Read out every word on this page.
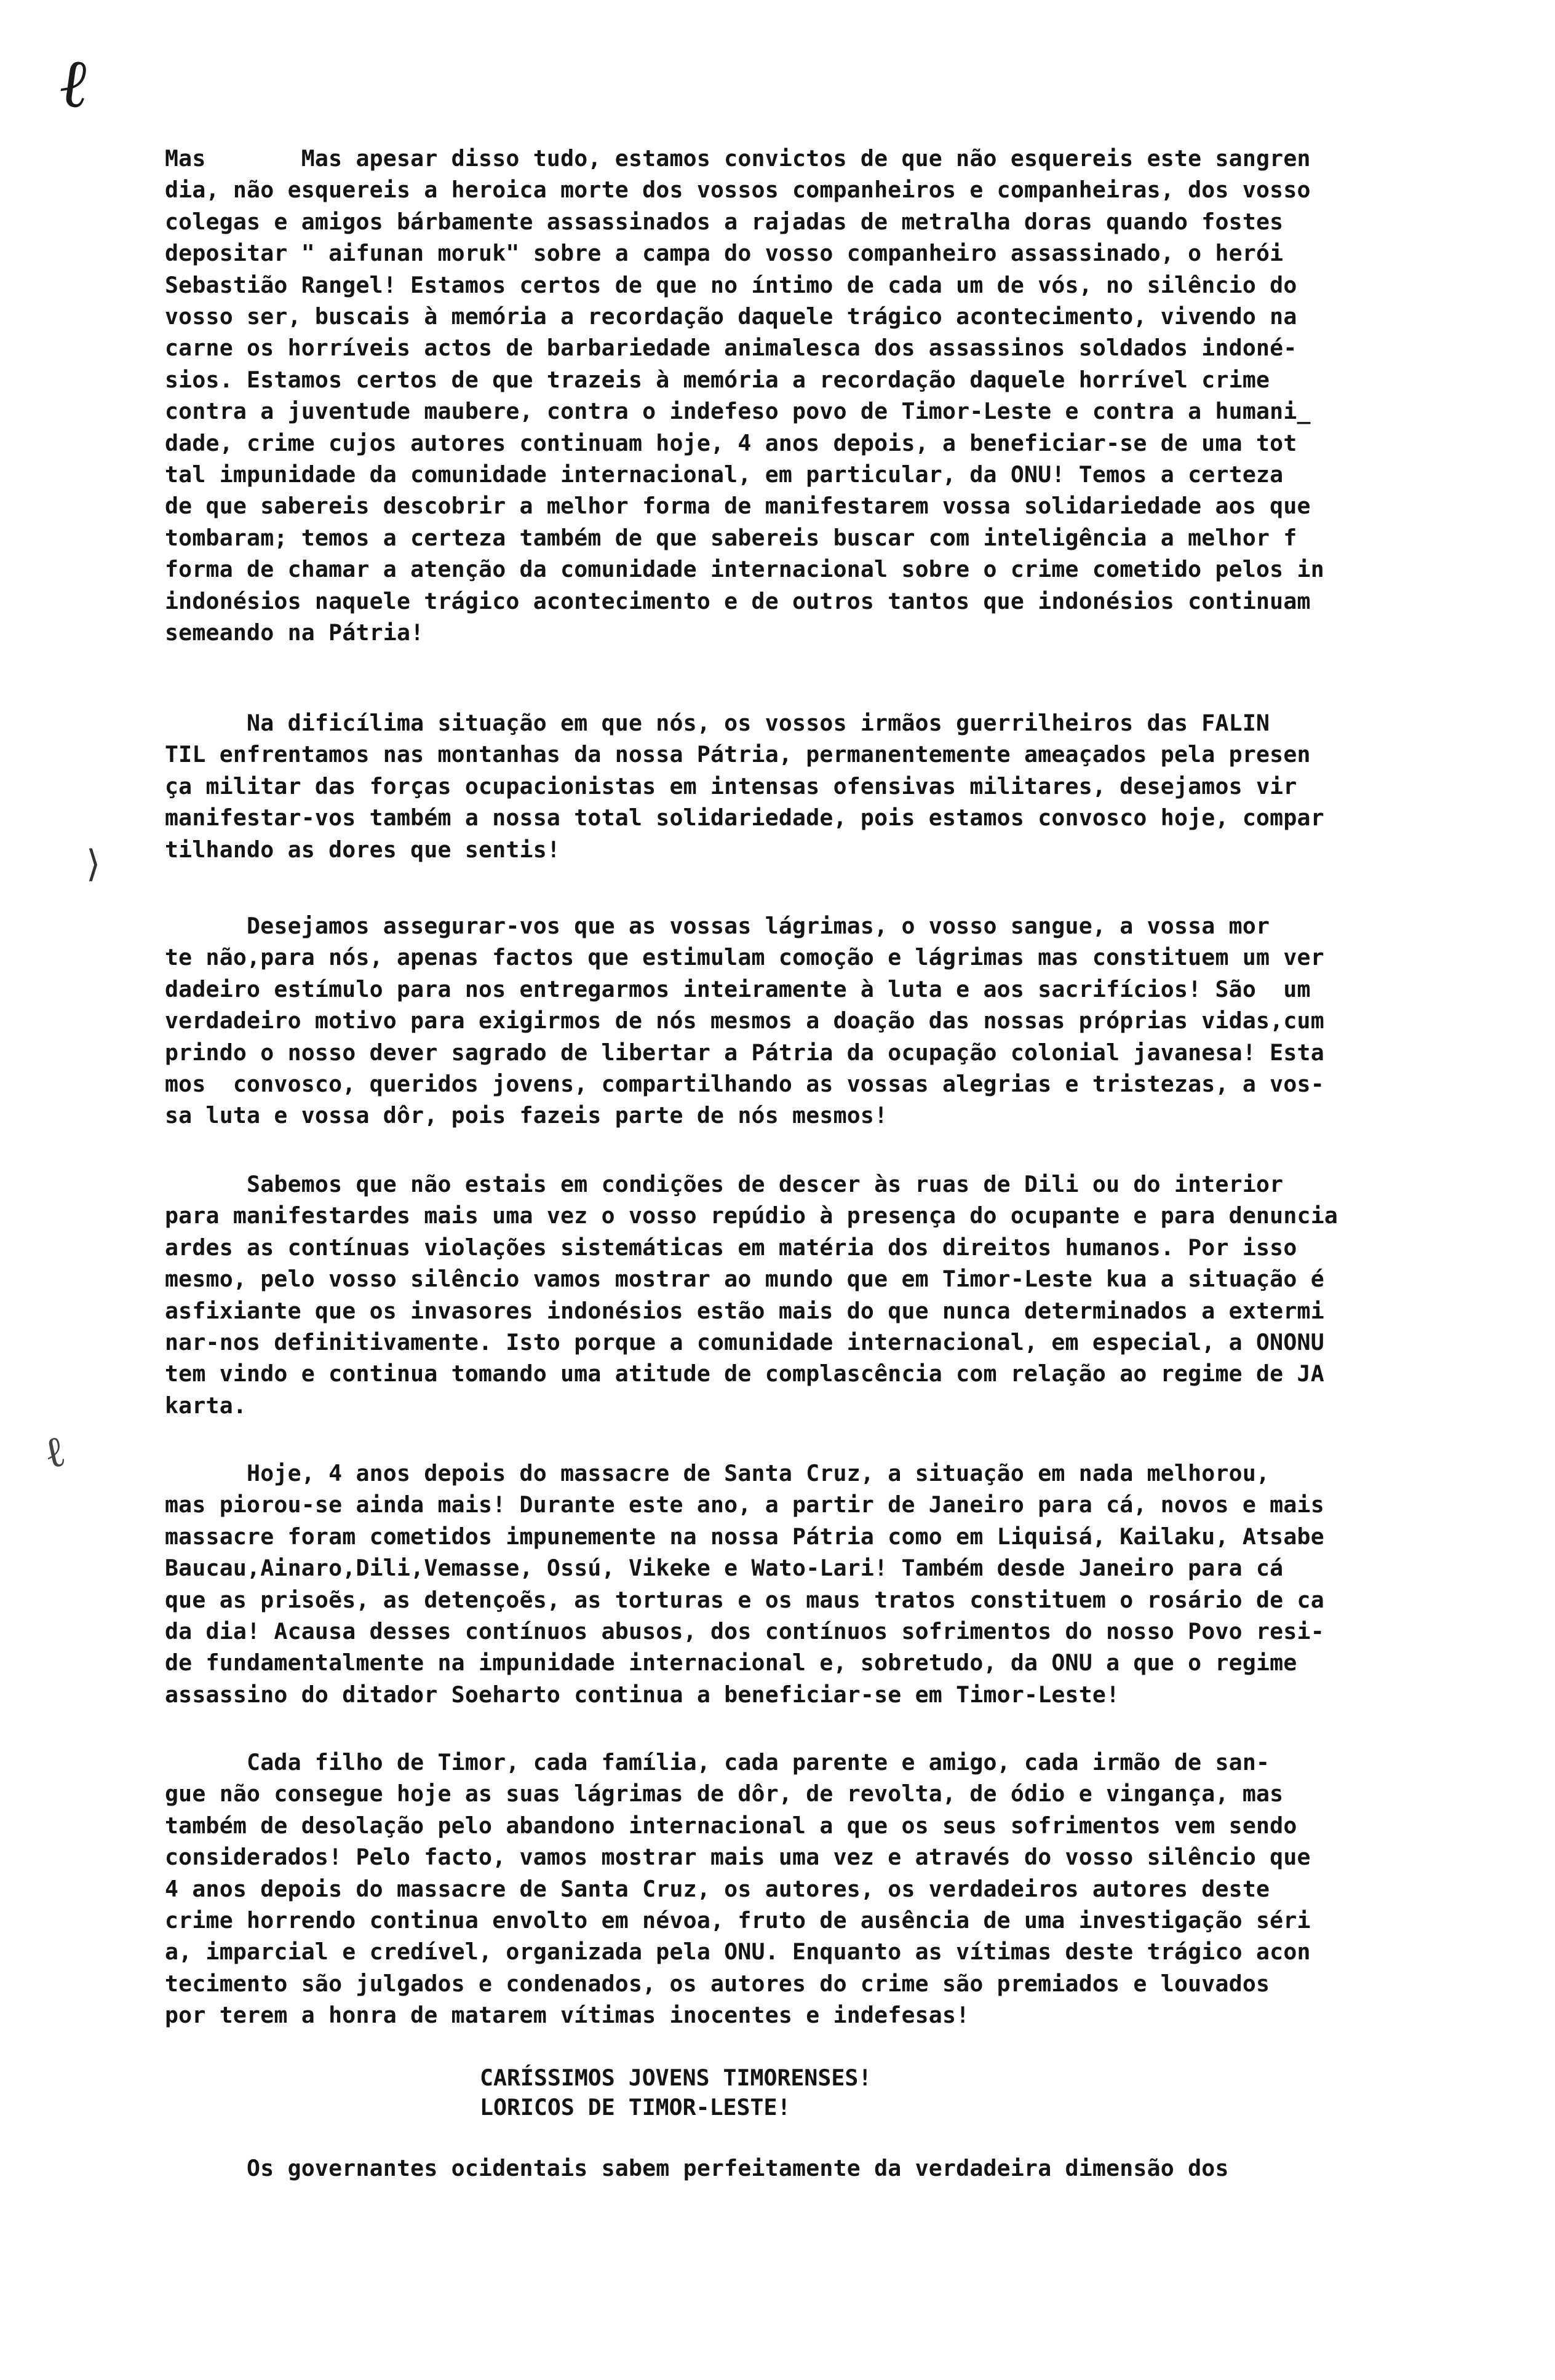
ℓ
⟩
ℓ
Mas       Mas apesar disso tudo, estamos convictos de que não esquereis este sangren
dia, não esquereis a heroica morte dos vossos companheiros e companheiras, dos vosso
colegas e amigos bárbamente assassinados a rajadas de metralha doras quando fostes
depositar " aifunan moruk" sobre a campa do vosso companheiro assassinado, o herói
Sebastião Rangel! Estamos certos de que no íntimo de cada um de vós, no silêncio do
vosso ser, buscais à memória a recordação daquele trágico acontecimento, vivendo na
carne os horríveis actos de barbariedade animalesca dos assassinos soldados indoné-
sios. Estamos certos de que trazeis à memória a recordação daquele horrível crime
contra a juventude maubere, contra o indefeso povo de Timor-Leste e contra a humani_
dade, crime cujos autores continuam hoje, 4 anos depois, a beneficiar-se de uma tot
tal impunidade da comunidade internacional, em particular, da ONU! Temos a certeza
de que sabereis descobrir a melhor forma de manifestarem vossa solidariedade aos que
tombaram; temos a certeza também de que sabereis buscar com inteligência a melhor f
forma de chamar a atenção da comunidade internacional sobre o crime cometido pelos in
indonésios naquele trágico acontecimento e de outros tantos que indonésios continuam
semeando na Pátria!
Na dificílima situação em que nós, os vossos irmãos guerrilheiros das FALIN
TIL enfrentamos nas montanhas da nossa Pátria, permanentemente ameaçados pela presen
ça militar das forças ocupacionistas em intensas ofensivas militares, desejamos vir
manifestar-vos também a nossa total solidariedade, pois estamos convosco hoje, compar
tilhando as dores que sentis!
Desejamos assegurar-vos que as vossas lágrimas, o vosso sangue, a vossa mor
te não,para nós, apenas factos que estimulam comoção e lágrimas mas constituem um ver
dadeiro estímulo para nos entregarmos inteiramente à luta e aos sacrifícios! São  um
verdadeiro motivo para exigirmos de nós mesmos a doação das nossas próprias vidas,cum
prindo o nosso dever sagrado de libertar a Pátria da ocupação colonial javanesa! Esta
mos  convosco, queridos jovens, compartilhando as vossas alegrias e tristezas, a vos-
sa luta e vossa dôr, pois fazeis parte de nós mesmos!
Sabemos que não estais em condições de descer às ruas de Dili ou do interior
para manifestardes mais uma vez o vosso repúdio à presença do ocupante e para denuncia
ardes as contínuas violações sistemáticas em matéria dos direitos humanos. Por isso
mesmo, pelo vosso silêncio vamos mostrar ao mundo que em Timor-Leste kua a situação é
asfixiante que os invasores indonésios estão mais do que nunca determinados a extermi
nar-nos definitivamente. Isto porque a comunidade internacional, em especial, a ONONU
tem vindo e continua tomando uma atitude de complascência com relação ao regime de JA
karta.
Hoje, 4 anos depois do massacre de Santa Cruz, a situação em nada melhorou,
mas piorou-se ainda mais! Durante este ano, a partir de Janeiro para cá, novos e mais
massacre foram cometidos impunemente na nossa Pátria como em Liquisá, Kailaku, Atsabe
Baucau,Ainaro,Dili,Vemasse, Ossú, Vikeke e Wato-Lari! Também desde Janeiro para cá
que as prisoẽs, as detençoẽs, as torturas e os maus tratos constituem o rosário de ca
da dia! Acausa desses contínuos abusos, dos contínuos sofrimentos do nosso Povo resi-
de fundamentalmente na impunidade internacional e, sobretudo, da ONU a que o regime
assassino do ditador Soeharto continua a beneficiar-se em Timor-Leste!
Cada filho de Timor, cada família, cada parente e amigo, cada irmão de san-
gue não consegue hoje as suas lágrimas de dôr, de revolta, de ódio e vingança, mas
também de desolação pelo abandono internacional a que os seus sofrimentos vem sendo
considerados! Pelo facto, vamos mostrar mais uma vez e através do vosso silêncio que
4 anos depois do massacre de Santa Cruz, os autores, os verdadeiros autores deste
crime horrendo continua envolto em névoa, fruto de ausência de uma investigação séri
a, imparcial e credível, organizada pela ONU. Enquanto as vítimas deste trágico acon
tecimento são julgados e condenados, os autores do crime são premiados e louvados
por terem a honra de matarem vítimas inocentes e indefesas!
CARÍSSIMOS JOVENS TIMORENSES!
LORICOS DE TIMOR-LESTE!
Os governantes ocidentais sabem perfeitamente da verdadeira dimensão dos
